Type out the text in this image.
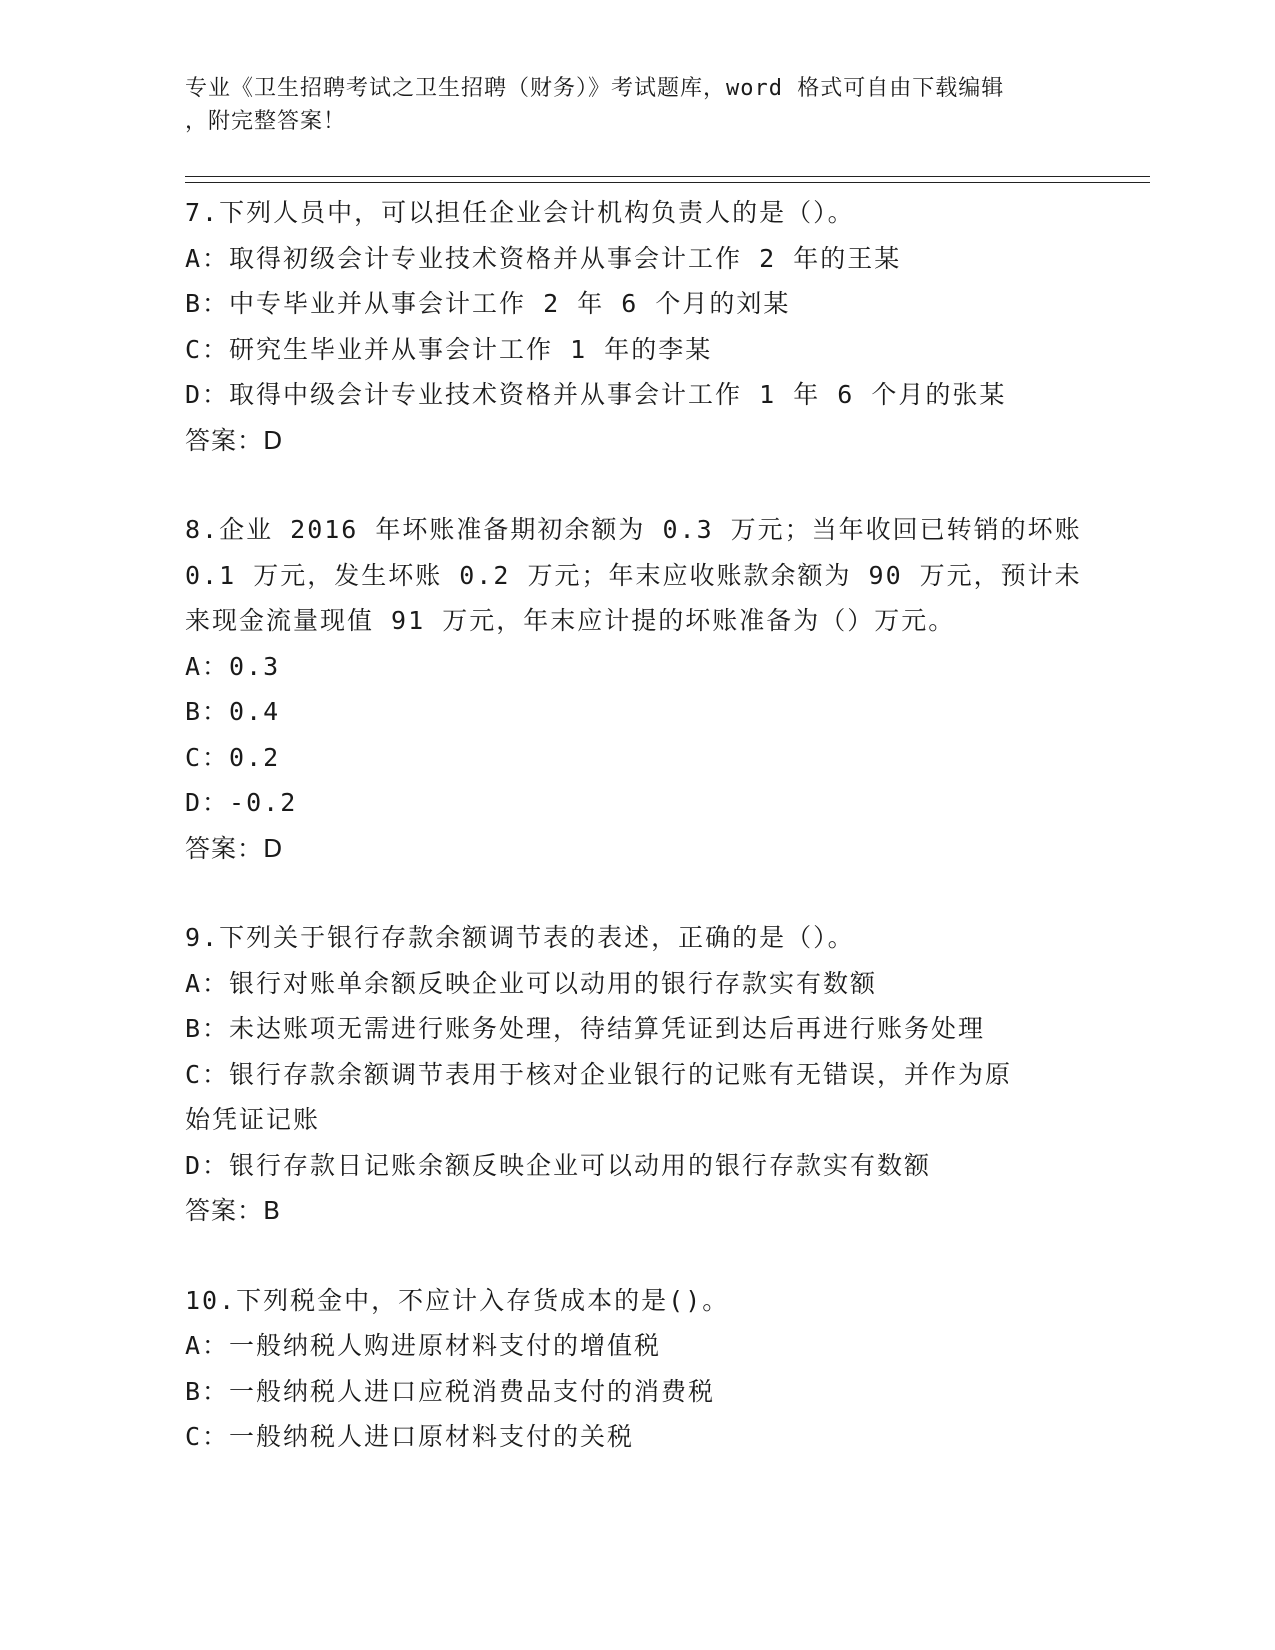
专业《卫生招聘考试之卫生招聘（财务）》考试题库，word 格式可自由下载编辑
，附完整答案！
7.下列人员中，可以担任企业会计机构负责人的是（）。
A：取得初级会计专业技术资格并从事会计工作 2 年的王某
B：中专毕业并从事会计工作 2 年 6 个月的刘某
C：研究生毕业并从事会计工作 1 年的李某
D：取得中级会计专业技术资格并从事会计工作 1 年 6 个月的张某
答案：D
8.企业 2016 年坏账准备期初余额为 0.3 万元；当年收回已转销的坏账
0.1 万元，发生坏账 0.2 万元；年末应收账款余额为 90 万元，预计未
来现金流量现值 91 万元，年末应计提的坏账准备为（）万元。
A：0.3
B：0.4
C：0.2
D：-0.2
答案：D
9.下列关于银行存款余额调节表的表述，正确的是（）。
A：银行对账单余额反映企业可以动用的银行存款实有数额
B：未达账项无需进行账务处理，待结算凭证到达后再进行账务处理
C：银行存款余额调节表用于核对企业银行的记账有无错误，并作为原
始凭证记账
D：银行存款日记账余额反映企业可以动用的银行存款实有数额
答案：B
10.下列税金中，不应计入存货成本的是()。
A：一般纳税人购进原材料支付的增值税
B：一般纳税人进口应税消费品支付的消费税
C：一般纳税人进口原材料支付的关税
